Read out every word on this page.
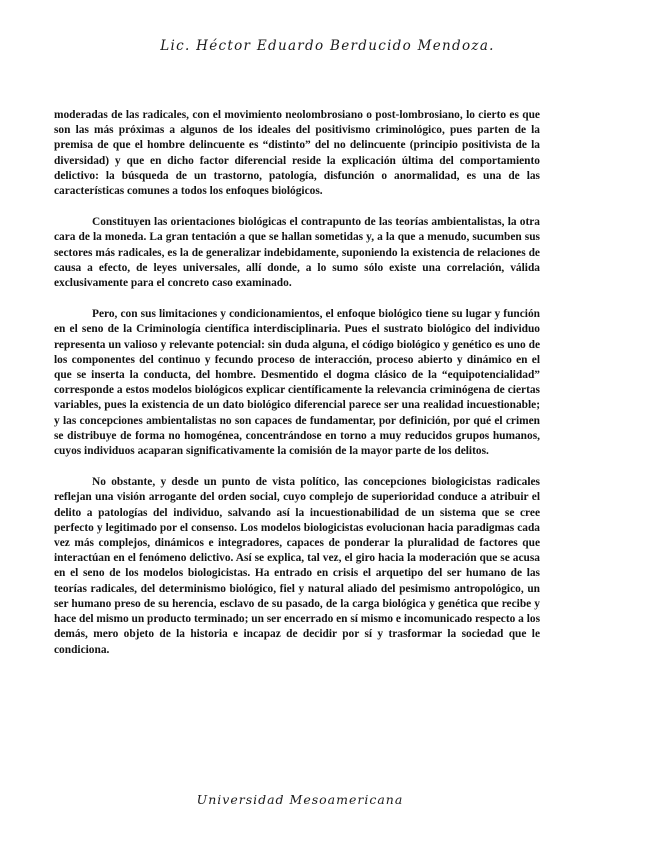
Lic. Héctor Eduardo Berducido Mendoza.

moderadas de las radicales, con el movimiento neolombrosiano o post-lombrosiano, lo cierto es que son las más próximas a algunos de los ideales del positivismo criminológico, pues parten de la premisa de que el hombre delincuente es “distinto” del no delincuente (principio positivista de la diversidad) y que en dicho factor diferencial reside la explicación última del comportamiento delictivo: la búsqueda de un trastorno, patología, disfunción o anormalidad, es una de las características comunes a todos los enfoques biológicos.

Constituyen las orientaciones biológicas el contrapunto de las teorías ambientalistas, la otra cara de la moneda. La gran tentación a que se hallan sometidas y, a la que a menudo, sucumben sus sectores más radicales, es la de generalizar indebidamente, suponiendo la existencia de relaciones de causa a efecto, de leyes universales, allí donde, a lo sumo sólo existe una correlación, válida exclusivamente para el concreto caso examinado.

Pero, con sus limitaciones y condicionamientos, el enfoque biológico tiene su lugar y función en el seno de la Criminología científica interdisciplinaria. Pues el sustrato biológico del individuo representa un valioso y relevante potencial: sin duda alguna, el código biológico y genético es uno de los componentes del continuo y fecundo proceso de interacción, proceso abierto y dinámico en el que se inserta la conducta, del hombre. Desmentido el dogma clásico de la “equipotencialidad” corresponde a estos modelos biológicos explicar científicamente la relevancia criminógena de ciertas variables, pues la existencia de un dato biológico diferencial parece ser una realidad incuestionable; y las concepciones ambientalistas no son capaces de fundamentar, por definición, por qué el crimen se distribuye de forma no homogénea, concentrándose en torno a muy reducidos grupos humanos, cuyos individuos acaparan significativamente la comisión de la mayor parte de los delitos.

No obstante, y desde un punto de vista político, las concepciones biologicistas radicales reflejan una visión arrogante del orden social, cuyo complejo de superioridad conduce a atribuir el delito a patologías del individuo, salvando así la incuestionabilidad de un sistema que se cree perfecto y legitimado por el consenso. Los modelos biologicistas evolucionan hacia paradigmas cada vez más complejos, dinámicos e integradores, capaces de ponderar la pluralidad de factores que interactúan en el fenómeno delictivo. Así se explica, tal vez, el giro hacia la moderación que se acusa en el seno de los modelos biologicistas. Ha entrado en crisis el arquetipo del ser humano de las teorías radicales, del determinismo biológico, fiel y natural aliado del pesimismo antropológico, un ser humano preso de su herencia, esclavo de su pasado, de la carga biológica y genética que recibe y hace del mismo un producto terminado; un ser encerrado en sí mismo e incomunicado respecto a los demás, mero objeto de la historia e incapaz de decidir por sí y trasformar la sociedad que le condiciona.

Universidad Mesoamericana
